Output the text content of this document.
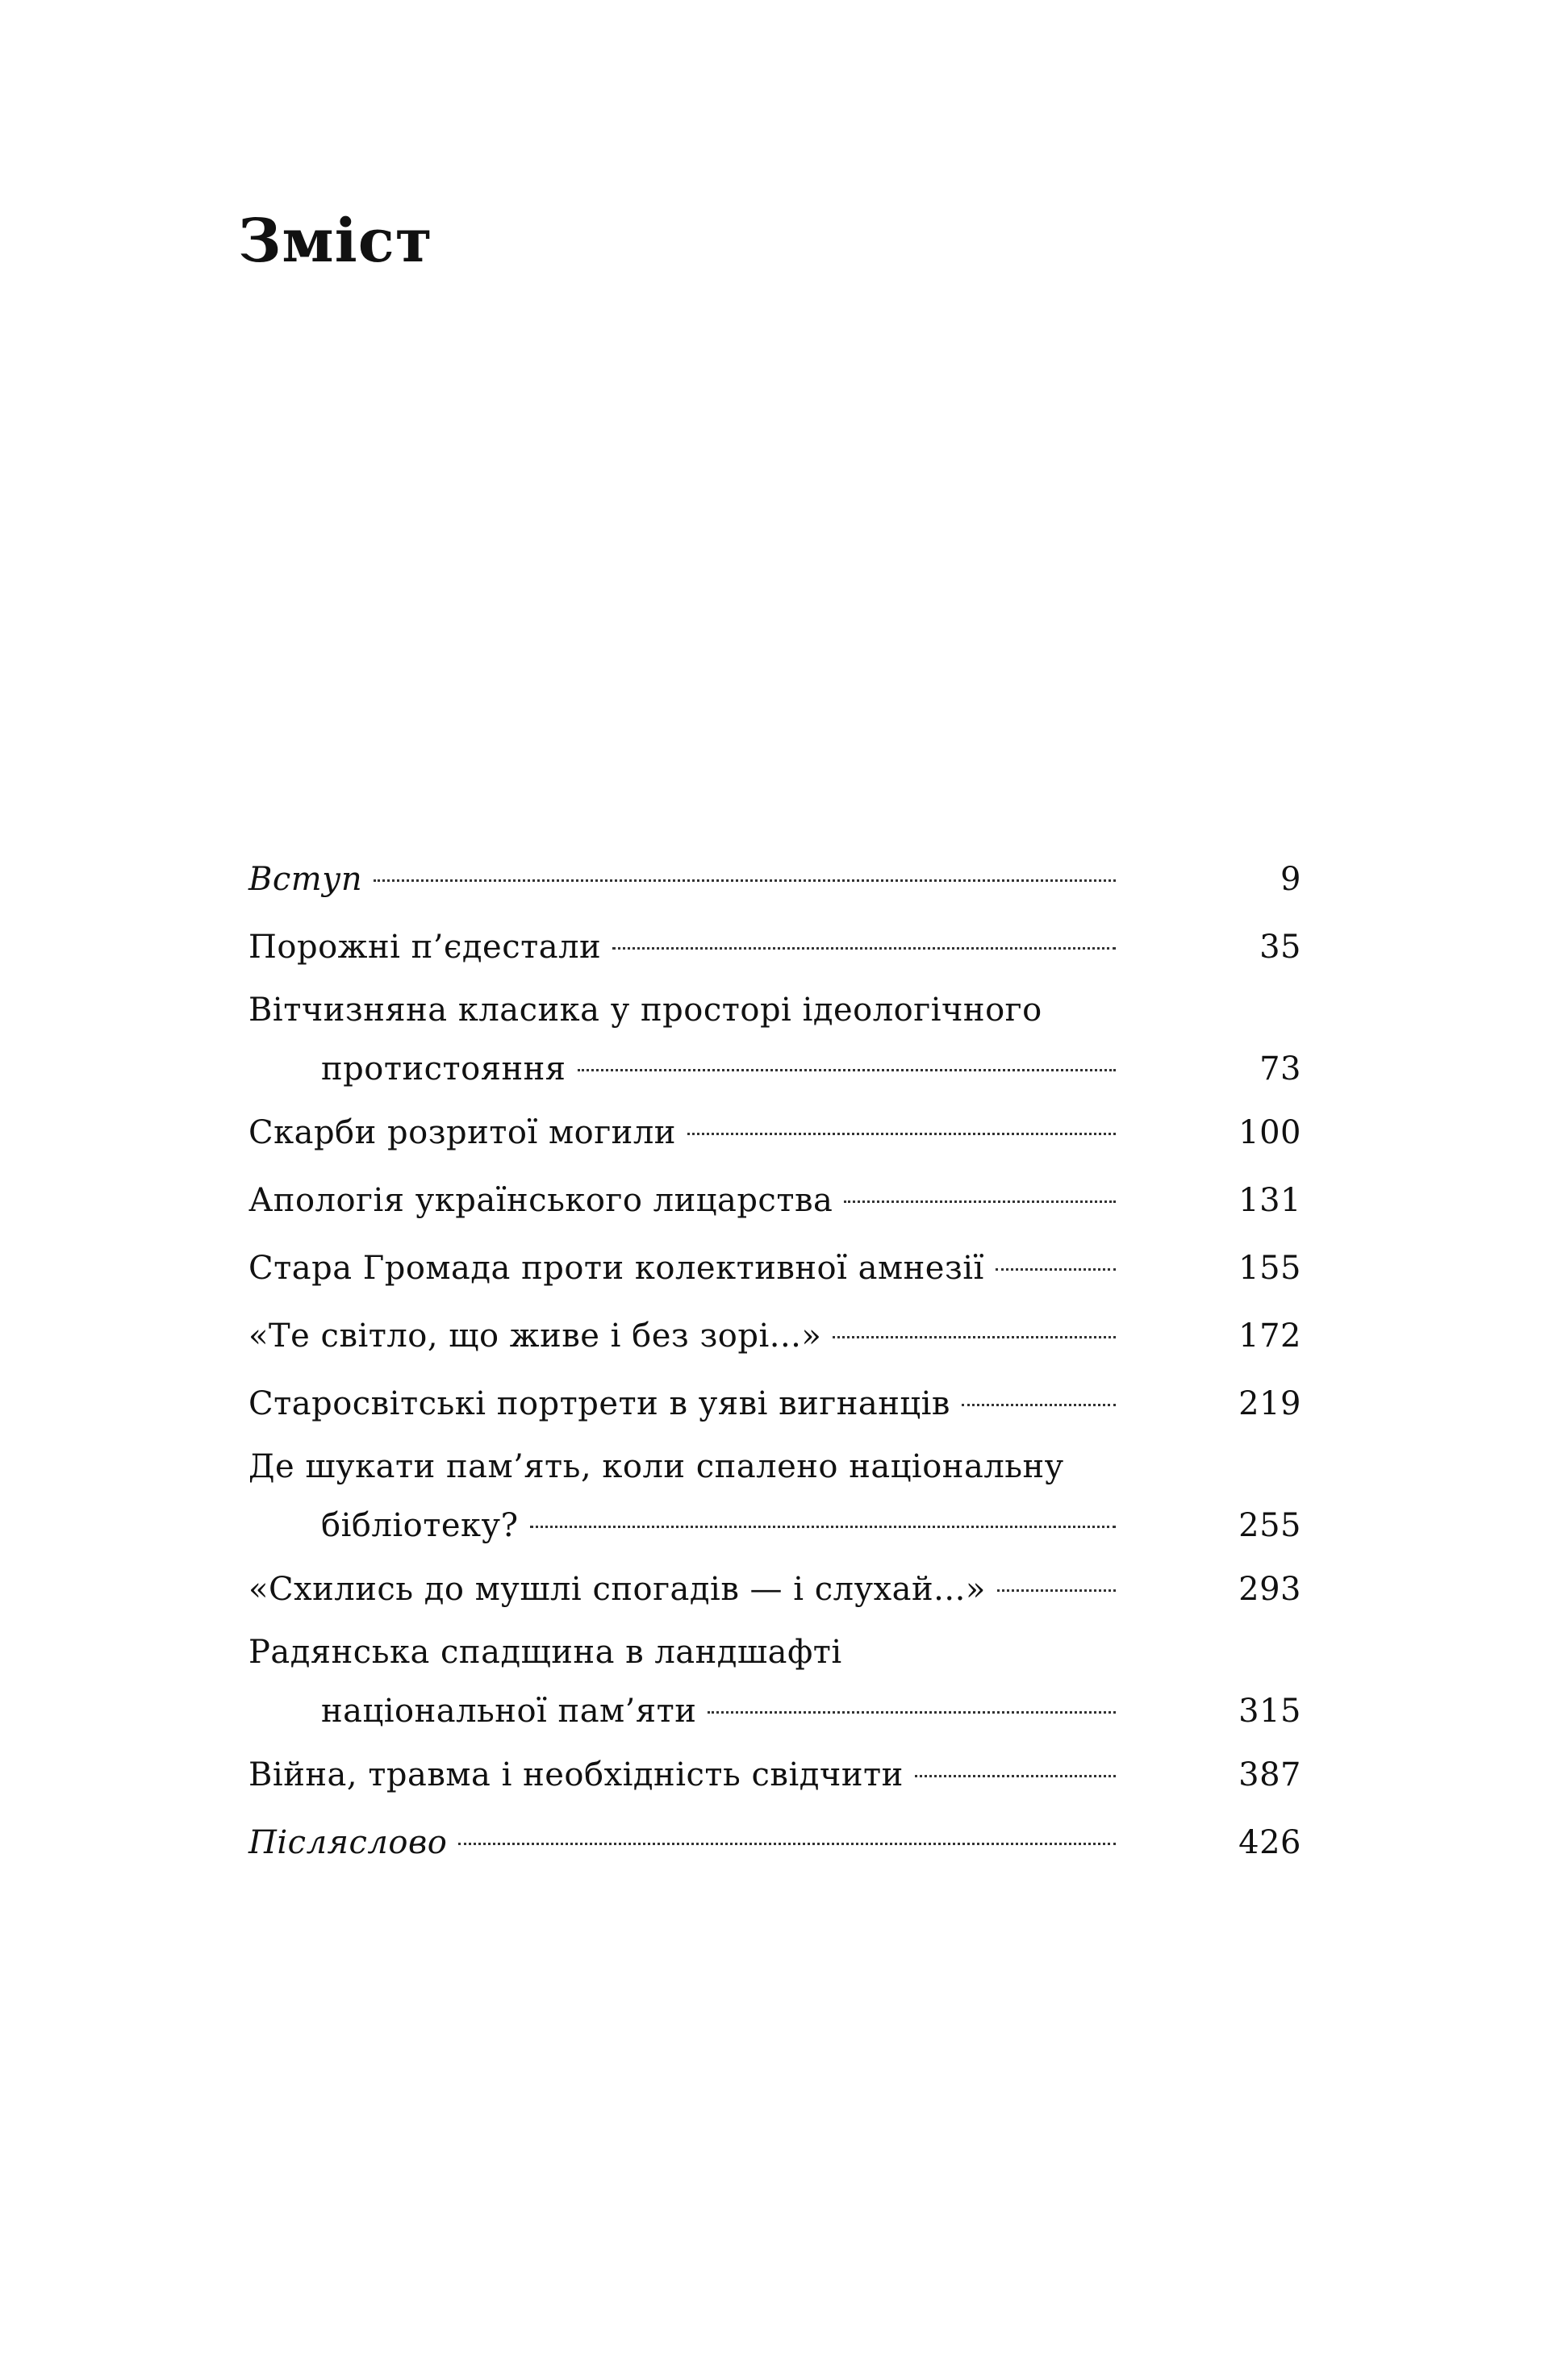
Зміст
Вступ	9
Порожні п’єдестали	35
Вітчизняна класика у просторі ідеологічного
протистояння	73
Скарби розритої могили	100
Апологія українського лицарства	131
Стара Громада проти колективної амнезії	155
«Те світло, що живе і без зорі...»	172
Старосвітські портрети в уяві вигнанців	219
Де шукати пам’ять, коли спалено національну
бібліотеку?	255
«Схились до мушлі спогадів — і слухай...»	293
Радянська спадщина в ландшафті
національної пам’яти	315
Війна, травма і необхідність свідчити	387
Післяслово	426
